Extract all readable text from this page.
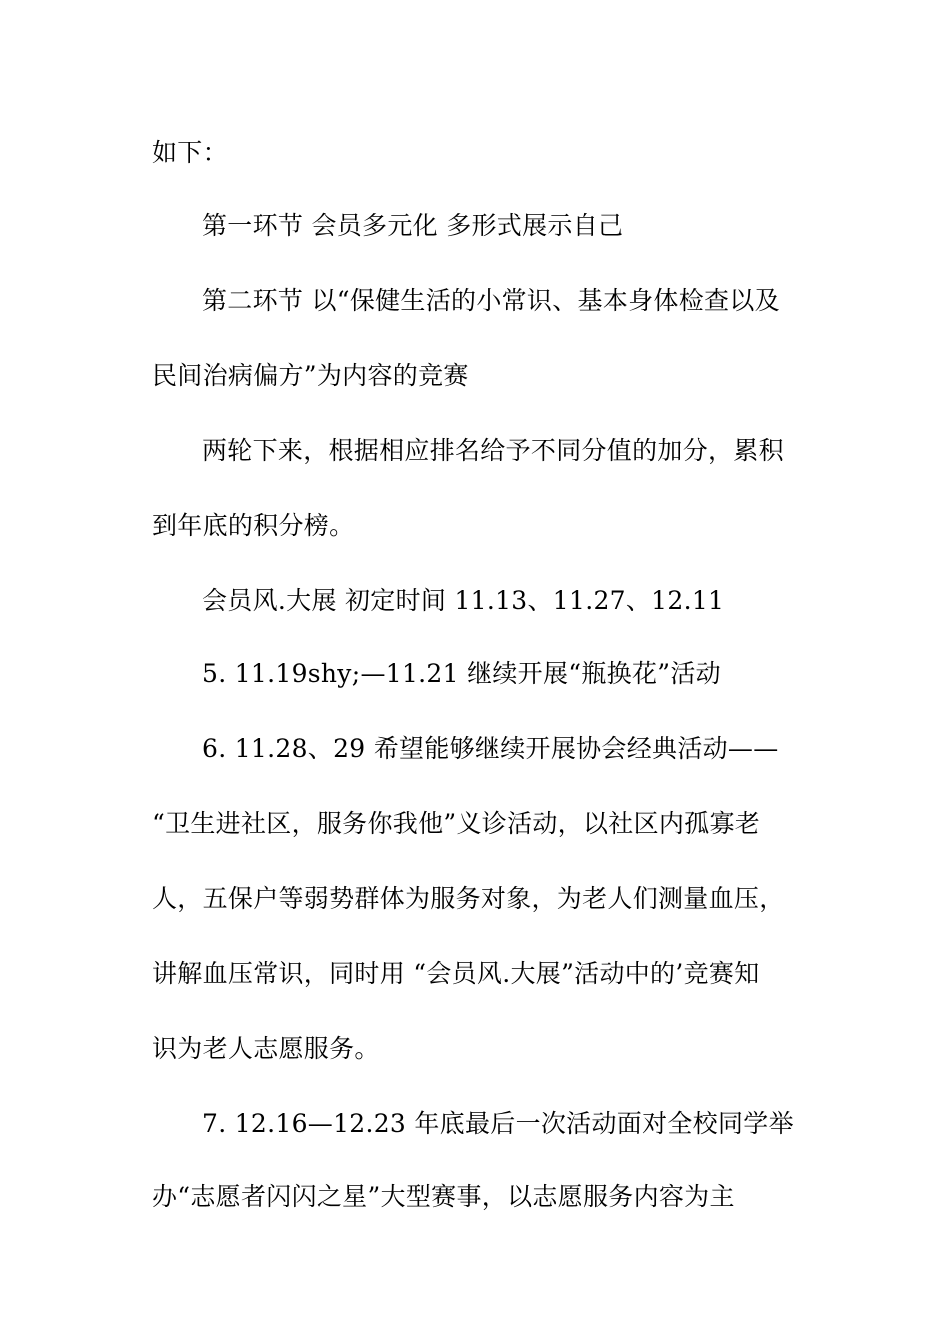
如下：
第一环节 会员多元化 多形式展示自己
第二环节 以“保健生活的小常识、基本身体检查以及
民间治病偏方”为内容的竞赛
两轮下来，根据相应排名给予不同分值的加分，累积
到年底的积分榜。
会员风.大展 初定时间 11.13、11.27、12.11
5. 11.19shy;—11.21 继续开展“瓶换花”活动
6. 11.28、29 希望能够继续开展协会经典活动——
“卫生进社区，服务你我他”义诊活动，以社区内孤寡老
人，五保户等弱势群体为服务对象，为老人们测量血压，
讲解血压常识，同时用 “会员风.大展”活动中的’竞赛知
识为老人志愿服务。
7. 12.16—12.23 年底最后一次活动面对全校同学举
办“志愿者闪闪之星”大型赛事，以志愿服务内容为主
